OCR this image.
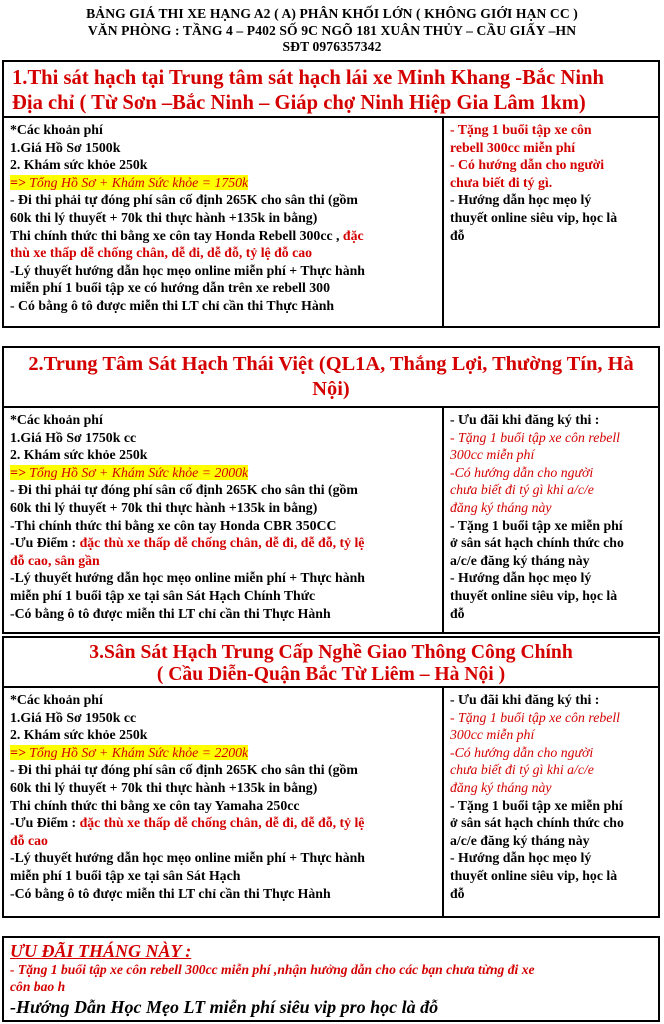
BẢNG GIÁ THI XE HẠNG A2 ( A) PHÂN KHỐI LỚN ( KHÔNG GIỚI HẠN CC )
VĂN PHÒNG : TẦNG 4 – P402 SỐ 9C NGÕ 181 XUÂN THỦY – CẦU GIẤY –HN
SĐT 0976357342
1.Thi sát hạch tại Trung tâm sát hạch lái xe Minh Khang -Bắc Ninh
Địa chỉ ( Từ Sơn –Bắc Ninh – Giáp chợ Ninh Hiệp Gia Lâm 1km)
*Các khoản phí
1.Giá Hồ Sơ 1500k
2. Khám sức khỏe 250k
=> Tổng Hồ Sơ + Khám Sức khỏe = 1750k
- Đi thi phải tự đóng phí sân cố định 265K cho sân thi (gồm
60k thi lý thuyết + 70k thi thực hành +135k in bằng)
Thi chính thức thi bằng xe côn tay Honda Rebell 300cc , đặc
thù xe thấp dễ chống chân, dễ đi, dễ đỗ, tỷ lệ đỗ cao
-Lý thuyết hướng dẫn học mẹo online miễn phí + Thực hành
miễn phí 1 buổi tập xe có hướng dẫn trên xe rebell 300
- Có bằng ô tô được miễn thi LT chỉ cần thi Thực Hành
- Tặng 1 buổi tập xe côn
rebell 300cc miễn phí
- Có hướng dẫn cho người
chưa biết đi tý gì.
- Hướng dẫn học mẹo lý
thuyết online siêu vip, học là
đỗ
2.Trung Tâm Sát Hạch Thái Việt (QL1A, Thắng Lợi, Thường Tín, Hà
Nội)
*Các khoản phí
1.Giá Hồ Sơ 1750k cc
2. Khám sức khỏe 250k
=> Tổng Hồ Sơ + Khám Sức khỏe = 2000k
- Đi thi phải tự đóng phí sân cố định 265K cho sân thi (gồm
60k thi lý thuyết + 70k thi thực hành +135k in bằng)
-Thi chính thức thi bằng xe côn tay Honda CBR 350CC
-Ưu Điểm : đặc thù xe thấp dễ chống chân, dễ đi, dễ đỗ, tỷ lệ
đỗ cao, sân gần
-Lý thuyết hướng dẫn học mẹo online miễn phí + Thực hành
miễn phí 1 buổi tập xe tại sân Sát Hạch Chính Thức
-Có bằng ô tô được miễn thi LT chỉ cần thi Thực Hành
- Ưu đãi khi đăng ký thi :
- Tặng 1 buổi tập xe côn rebell
300cc miễn phí
-Có hướng dẫn cho người
chưa biết đi tý gì khi a/c/e
đăng ký tháng này
- Tặng 1 buổi tập xe miễn phí
ở sân sát hạch chính thức cho
a/c/e đăng ký tháng này
- Hướng dẫn học mẹo lý
thuyết online siêu vip, học là
đỗ
3.Sân Sát Hạch Trung Cấp Nghề Giao Thông Công Chính
( Cầu Diễn-Quận Bắc Từ Liêm – Hà Nội )
*Các khoản phí
1.Giá Hồ Sơ 1950k cc
2. Khám sức khỏe 250k
=> Tổng Hồ Sơ + Khám Sức khỏe = 2200k
- Đi thi phải tự đóng phí sân cố định 265K cho sân thi (gồm
60k thi lý thuyết + 70k thi thực hành +135k in bằng)
Thi chính thức thi bằng xe côn tay Yamaha 250cc
-Ưu Điểm : đặc thù xe thấp dễ chống chân, dễ đi, dễ đỗ, tỷ lệ
đỗ cao
-Lý thuyết hướng dẫn học mẹo online miễn phí + Thực hành
miễn phí 1 buổi tập xe tại sân Sát Hạch
-Có bằng ô tô được miễn thi LT chỉ cần thi Thực Hành
- Ưu đãi khi đăng ký thi :
- Tặng 1 buổi tập xe côn rebell
300cc miễn phí
-Có hướng dẫn cho người
chưa biết đi tý gì khi a/c/e
đăng ký tháng này
- Tặng 1 buổi tập xe miễn phí
ở sân sát hạch chính thức cho
a/c/e đăng ký tháng này
- Hướng dẫn học mẹo lý
thuyết online siêu vip, học là
đỗ
ƯU ĐÃI THÁNG NÀY :
- Tặng 1 buổi tập xe côn rebell 300cc miễn phí ,nhận hưởng dẫn cho các bạn chưa từng đi xe
côn bao h
-Hướng Dẫn Học Mẹo LT miễn phí siêu vip pro học là đỗ
